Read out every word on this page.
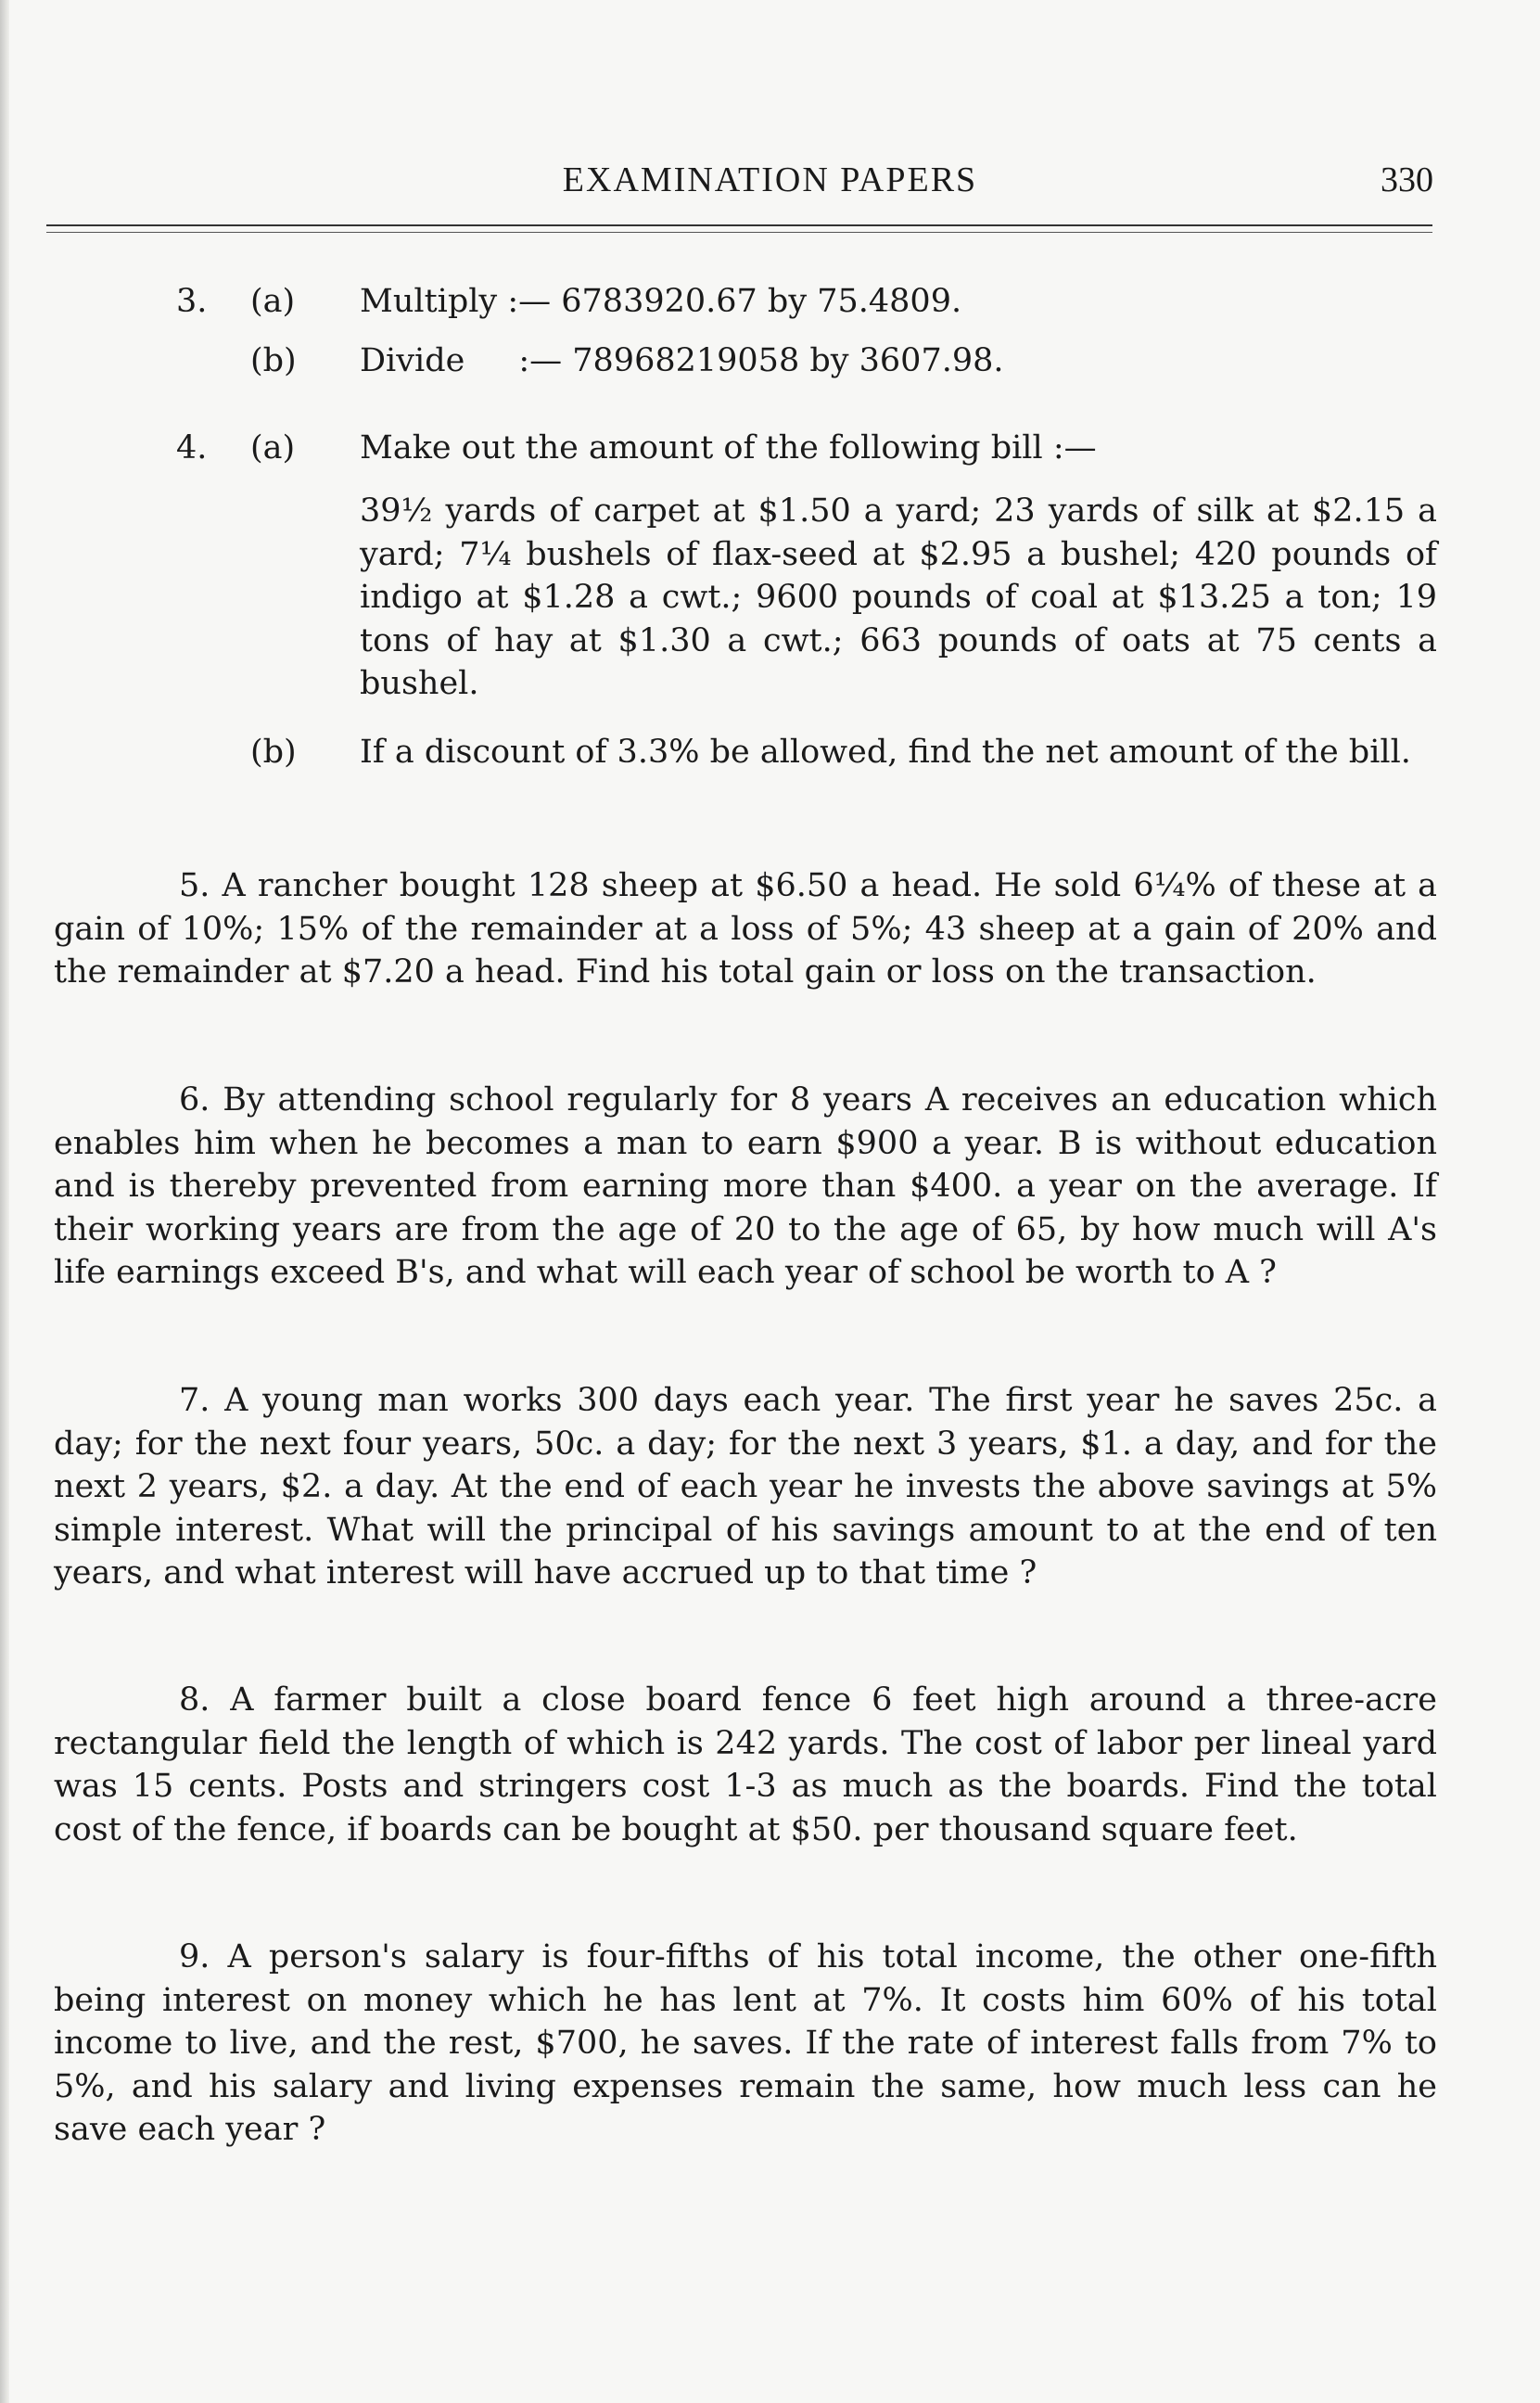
EXAMINATION PAPERS	330
3. (a) Multiply :— 6783920.67 by 75.4809.
(b) Divide :— 78968219058 by 3607.98.
4. (a) Make out the amount of the following bill :—
39½ yards of carpet at $1.50 a yard; 23 yards of silk at $2.15 a yard; 7¼ bushels of flax-seed at $2.95 a bushel; 420 pounds of indigo at $1.28 a cwt.; 9600 pounds of coal at $13.25 a ton; 19 tons of hay at $1.30 a cwt.; 663 pounds of oats at 75 cents a bushel.
(b) If a discount of 3.3% be allowed, find the net amount of the bill.
5. A rancher bought 128 sheep at $6.50 a head. He sold 6¼% of these at a gain of 10%; 15% of the remainder at a loss of 5%; 43 sheep at a gain of 20% and the remainder at $7.20 a head. Find his total gain or loss on the transaction.
6. By attending school regularly for 8 years A receives an education which enables him when he becomes a man to earn $900 a year. B is without education and is thereby prevented from earning more than $400. a year on the average. If their working years are from the age of 20 to the age of 65, by how much will A's life earnings exceed B's, and what will each year of school be worth to A ?
7. A young man works 300 days each year. The first year he saves 25c. a day; for the next four years, 50c. a day; for the next 3 years, $1. a day, and for the next 2 years, $2. a day. At the end of each year he invests the above savings at 5% simple interest. What will the principal of his savings amount to at the end of ten years, and what interest will have accrued up to that time ?
8. A farmer built a close board fence 6 feet high around a three-acre rectangular field the length of which is 242 yards. The cost of labor per lineal yard was 15 cents. Posts and stringers cost 1-3 as much as the boards. Find the total cost of the fence, if boards can be bought at $50. per thousand square feet.
9. A person's salary is four-fifths of his total income, the other one-fifth being interest on money which he has lent at 7%. It costs him 60% of his total income to live, and the rest, $700, he saves. If the rate of interest falls from 7% to 5%, and his salary and living expenses remain the same, how much less can he save each year ?
